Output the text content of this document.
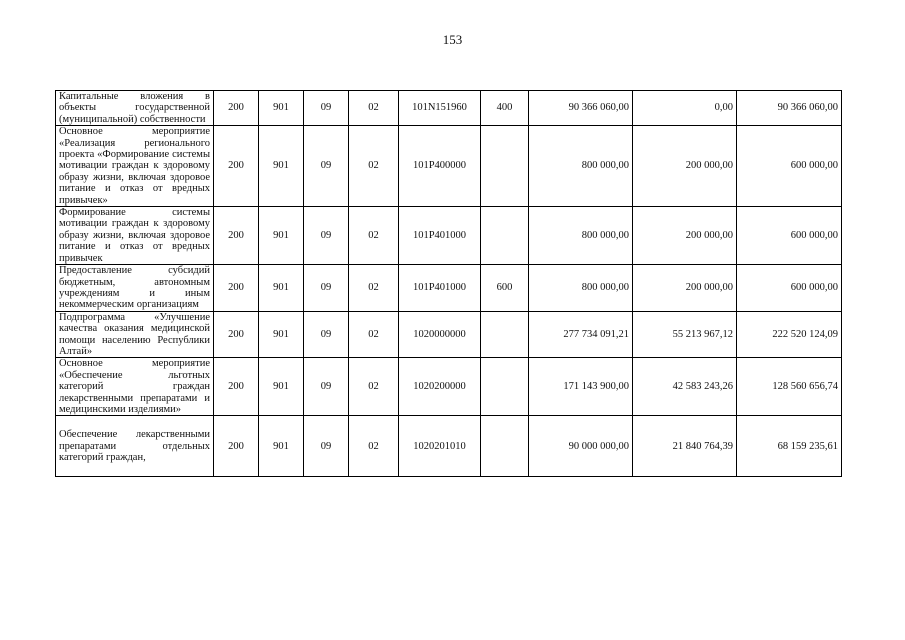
153
Капитальные вложения в объекты государственной (муниципальной) собственности	200	901	09	02	101N151960	400	90 366 060,00	0,00	90 366 060,00
Основное мероприятие «Реализация регионального проекта «Формирование системы мотивации граждан к здоровому образу жизни, включая здоровое питание и отказ от вредных привычек»	200	901	09	02	101P400000		800 000,00	200 000,00	600 000,00
Формирование системы мотивации граждан к здоровому образу жизни, включая здоровое питание и отказ от вредных привычек	200	901	09	02	101P401000		800 000,00	200 000,00	600 000,00
Предоставление субсидий бюджетным, автономным учреждениям и иным некоммерческим организациям	200	901	09	02	101P401000	600	800 000,00	200 000,00	600 000,00
Подпрограмма «Улучшение качества оказания медицинской помощи населению Республики Алтай»	200	901	09	02	1020000000		277 734 091,21	55 213 967,12	222 520 124,09
Основное мероприятие «Обеспечение льготных категорий граждан лекарственными препаратами и медицинскими изделиями»	200	901	09	02	1020200000		171 143 900,00	42 583 243,26	128 560 656,74

Обеспечение лекарственными препаратами отдельных категорий граждан,	200	901	09	02	1020201010		90 000 000,00	21 840 764,39	68 159 235,61
